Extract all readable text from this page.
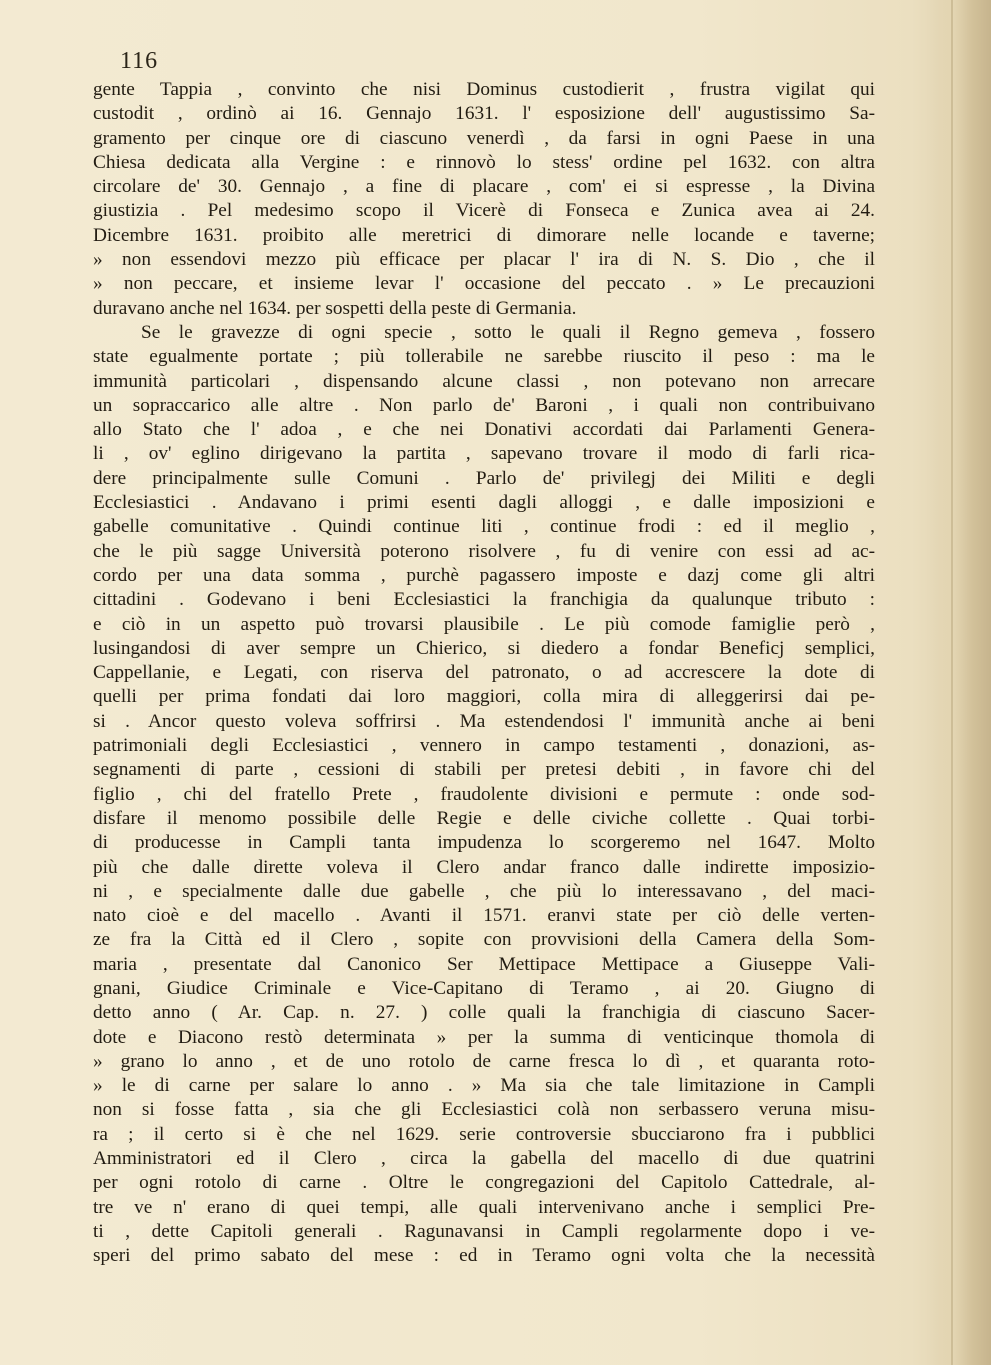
116
gente Tappia , convinto che nisi Dominus custodierit , frustra vigilat qui
custodit , ordinò ai 16. Gennajo 1631. l' esposizione dell' augustissimo Sa-
gramento per cinque ore di ciascuno venerdì , da farsi in ogni Paese in una
Chiesa dedicata alla Vergine : e rinnovò lo stess' ordine pel 1632. con altra
circolare de' 30. Gennajo , a fine di placare , com' ei si espresse , la Divina
giustizia . Pel medesimo scopo il Vicerè di Fonseca e Zunica avea ai 24.
Dicembre 1631. proibito alle meretrici di dimorare nelle locande e taverne;
» non essendovi mezzo più efficace per placar l' ira di N. S. Dio , che il
» non peccare, et insieme levar l' occasione del peccato . » Le precauzioni
duravano anche nel 1634. per sospetti della peste di Germania.
Se le gravezze di ogni specie , sotto le quali il Regno gemeva , fossero
state egualmente portate ; più tollerabile ne sarebbe riuscito il peso : ma le
immunità particolari , dispensando alcune classi , non potevano non arrecare
un sopraccarico alle altre . Non parlo de' Baroni , i quali non contribuivano
allo Stato che l' adoa , e che nei Donativi accordati dai Parlamenti Genera-
li , ov' eglino dirigevano la partita , sapevano trovare il modo di farli rica-
dere principalmente sulle Comuni . Parlo de' privilegj dei Militi e degli
Ecclesiastici . Andavano i primi esenti dagli alloggi , e dalle imposizioni e
gabelle comunitative . Quindi continue liti , continue frodi : ed il meglio ,
che le più sagge Università poterono risolvere , fu di venire con essi ad ac-
cordo per una data somma , purchè pagassero imposte e dazj come gli altri
cittadini . Godevano i beni Ecclesiastici la franchigia da qualunque tributo :
e ciò in un aspetto può trovarsi plausibile . Le più comode famiglie però ,
lusingandosi di aver sempre un Chierico, si diedero a fondar Beneficj semplici,
Cappellanie, e Legati, con riserva del patronato, o ad accrescere la dote di
quelli per prima fondati dai loro maggiori, colla mira di alleggerirsi dai pe-
si . Ancor questo voleva soffrirsi . Ma estendendosi l' immunità anche ai beni
patrimoniali degli Ecclesiastici , vennero in campo testamenti , donazioni, as-
segnamenti di parte , cessioni di stabili per pretesi debiti , in favore chi del
figlio , chi del fratello Prete , fraudolente divisioni e permute : onde sod-
disfare il menomo possibile delle Regie e delle civiche collette . Quai torbi-
di producesse in Campli tanta impudenza lo scorgeremo nel 1647. Molto
più che dalle dirette voleva il Clero andar franco dalle indirette imposizio-
ni , e specialmente dalle due gabelle , che più lo interessavano , del maci-
nato cioè e del macello . Avanti il 1571. eranvi state per ciò delle verten-
ze fra la Città ed il Clero , sopite con provvisioni della Camera della Som-
maria , presentate dal Canonico Ser Mettipace Mettipace a Giuseppe Vali-
gnani, Giudice Criminale e Vice-Capitano di Teramo , ai 20. Giugno di
detto anno ( Ar. Cap. n. 27. ) colle quali la franchigia di ciascuno Sacer-
dote e Diacono restò determinata » per la summa di venticinque thomola di
» grano lo anno , et de uno rotolo de carne fresca lo dì , et quaranta roto-
» le di carne per salare lo anno . » Ma sia che tale limitazione in Campli
non si fosse fatta , sia che gli Ecclesiastici colà non serbassero veruna misu-
ra ; il certo si è che nel 1629. serie controversie sbucciarono fra i pubblici
Amministratori ed il Clero , circa la gabella del macello di due quatrini
per ogni rotolo di carne . Oltre le congregazioni del Capitolo Cattedrale, al-
tre ve n' erano di quei tempi, alle quali intervenivano anche i semplici Pre-
ti , dette Capitoli generali . Ragunavansi in Campli regolarmente dopo i ve-
speri del primo sabato del mese : ed in Teramo ogni volta che la necessità
